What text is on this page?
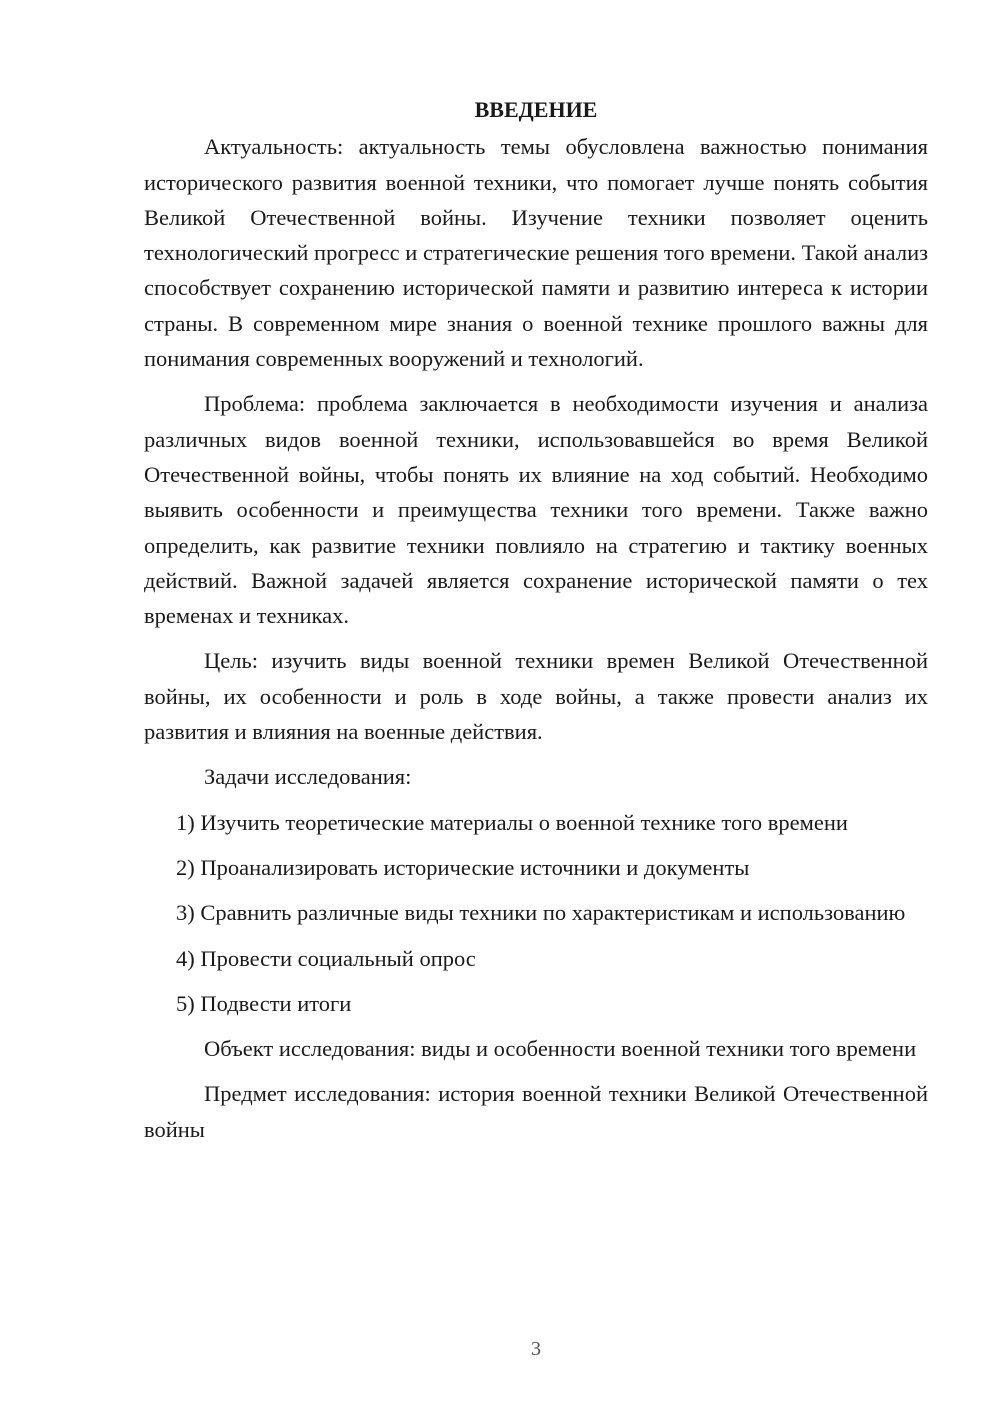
ВВЕДЕНИЕ

Актуальность: актуальность темы обусловлена важностью понимания исторического развития военной техники, что помогает лучше понять события Великой Отечественной войны. Изучение техники позволяет оценить технологический прогресс и стратегические решения того времени. Такой анализ способствует сохранению исторической памяти и развитию интереса к истории страны. В современном мире знания о военной технике прошлого важны для понимания современных вооружений и технологий.

Проблема: проблема заключается в необходимости изучения и анализа различных видов военной техники, использовавшейся во время Великой Отечественной войны, чтобы понять их влияние на ход событий. Необходимо выявить особенности и преимущества техники того времени. Также важно определить, как развитие техники повлияло на стратегию и тактику военных действий. Важной задачей является сохранение исторической памяти о тех временах и техниках.

Цель: изучить виды военной техники времен Великой Отечественной войны, их особенности и роль в ходе войны, а также провести анализ их развития и влияния на военные действия.

Задачи исследования:

1) Изучить теоретические материалы о военной технике того времени

2) Проанализировать исторические источники и документы

3) Сравнить различные виды техники по характеристикам и использованию

4) Провести социальный опрос

5) Подвести итоги

Объект исследования: виды и особенности военной техники того времени

Предмет исследования: история военной техники Великой Отечественной войны

3
